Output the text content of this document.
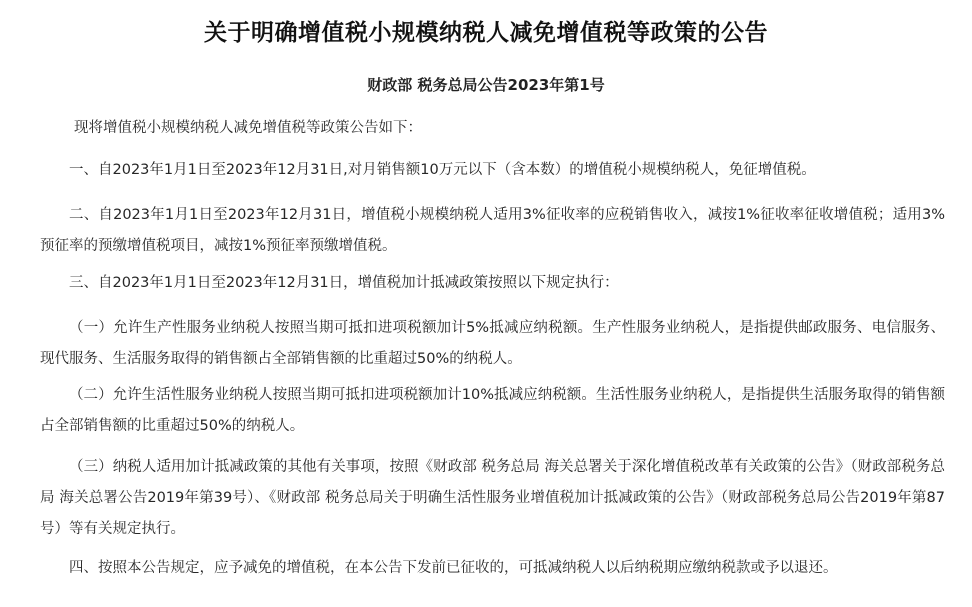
关于明确增值税小规模纳税人减免增值税等政策的公告
财政部 税务总局公告2023年第1号
现将增值税小规模纳税人减免增值税等政策公告如下：
一、自2023年1月1日至2023年12月31日,对月销售额10万元以下（含本数）的增值税小规模纳税人，免征增值税。
二、自2023年1月1日至2023年12月31日，增值税小规模纳税人适用3%征收率的应税销售收入，减按1%征收率征收增值税；适用3%预征率的预缴增值税项目，减按1%预征率预缴增值税。
三、自2023年1月1日至2023年12月31日，增值税加计抵减政策按照以下规定执行：
（一）允许生产性服务业纳税人按照当期可抵扣进项税额加计5%抵减应纳税额。生产性服务业纳税人，是指提供邮政服务、电信服务、现代服务、生活服务取得的销售额占全部销售额的比重超过50%的纳税人。
（二）允许生活性服务业纳税人按照当期可抵扣进项税额加计10%抵减应纳税额。生活性服务业纳税人，是指提供生活服务取得的销售额占全部销售额的比重超过50%的纳税人。
（三）纳税人适用加计抵减政策的其他有关事项，按照《财政部 税务总局 海关总署关于深化增值税改革有关政策的公告》（财政部税务总局 海关总署公告2019年第39号）、《财政部 税务总局关于明确生活性服务业增值税加计抵减政策的公告》（财政部税务总局公告2019年第87号）等有关规定执行。
四、按照本公告规定，应予减免的增值税，在本公告下发前已征收的，可抵减纳税人以后纳税期应缴纳税款或予以退还。
